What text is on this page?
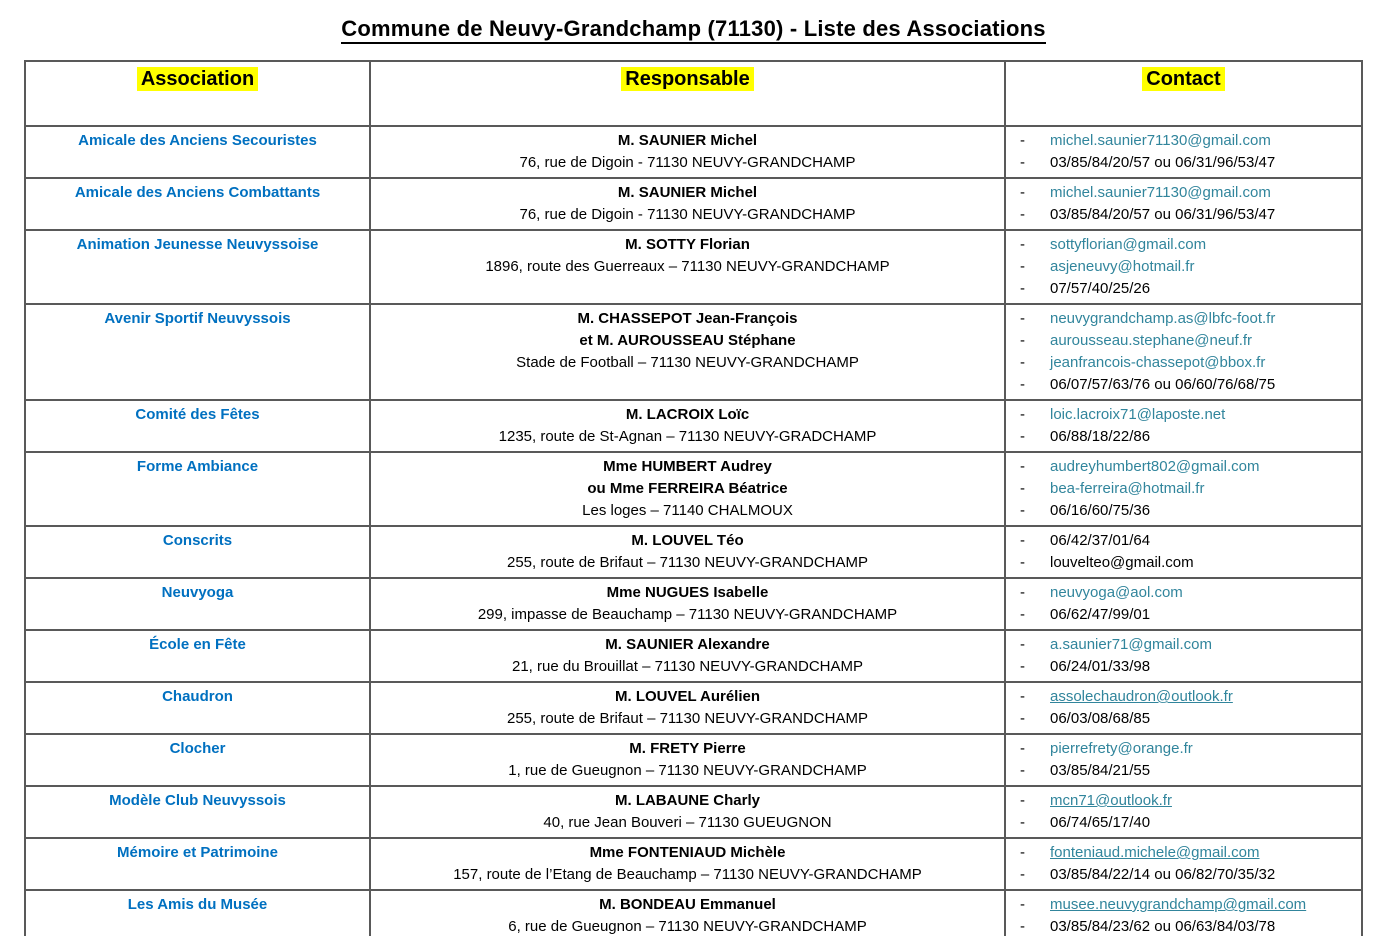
Commune de Neuvy-Grandchamp (71130) - Liste des Associations
Association	Responsable	Contact
Amicale des Anciens Secouristes	M. SAUNIER Michel
76, rue de Digoin - 71130 NEUVY-GRANDCHAMP

-	michel.saunier71130@gmail.com
-	03/85/84/20/57 ou 06/31/96/53/47

Amicale des Anciens Combattants	M. SAUNIER Michel
76, rue de Digoin - 71130 NEUVY-GRANDCHAMP

-	michel.saunier71130@gmail.com
-	03/85/84/20/57 ou 06/31/96/53/47

Animation Jeunesse Neuvyssoise	M. SOTTY Florian
1896, route des Guerreaux – 71130 NEUVY-GRANDCHAMP

-	sottyflorian@gmail.com
-	asjeneuvy@hotmail.fr
-	07/57/40/25/26

Avenir Sportif Neuvyssois	M. CHASSEPOT Jean-François
et M. AUROUSSEAU Stéphane
Stade de Football – 71130 NEUVY-GRANDCHAMP

-	neuvygrandchamp.as@lbfc-foot.fr
-	aurousseau.stephane@neuf.fr
-	jeanfrancois-chassepot@bbox.fr
-	06/07/57/63/76 ou 06/60/76/68/75

Comité des Fêtes	M. LACROIX Loïc
1235, route de St-Agnan – 71130 NEUVY-GRADCHAMP

-	loic.lacroix71@laposte.net
-	06/88/18/22/86

Forme Ambiance	Mme HUMBERT Audrey
ou Mme FERREIRA Béatrice
Les loges – 71140 CHALMOUX

-	audreyhumbert802@gmail.com
-	bea-ferreira@hotmail.fr
-	06/16/60/75/36

Conscrits	M. LOUVEL Téo
255, route de Brifaut – 71130 NEUVY-GRANDCHAMP

-	06/42/37/01/64
-	louvelteo@gmail.com

Neuvyoga	Mme NUGUES Isabelle
299, impasse de Beauchamp – 71130 NEUVY-GRANDCHAMP

-	neuvyoga@aol.com
-	06/62/47/99/01

École en Fête	M. SAUNIER Alexandre
21, rue du Brouillat – 71130 NEUVY-GRANDCHAMP

-	a.saunier71@gmail.com
-	06/24/01/33/98

Chaudron	M. LOUVEL Aurélien
255, route de Brifaut – 71130 NEUVY-GRANDCHAMP

-	assolechaudron@outlook.fr
-	06/03/08/68/85

Clocher	M. FRETY Pierre
1, rue de Gueugnon – 71130 NEUVY-GRANDCHAMP

-	pierrefrety@orange.fr
-	03/85/84/21/55

Modèle Club Neuvyssois	M. LABAUNE Charly
40, rue Jean Bouveri – 71130 GUEUGNON

-	mcn71@outlook.fr
-	06/74/65/17/40

Mémoire et Patrimoine	Mme FONTENIAUD Michèle
157, route de l’Etang de Beauchamp – 71130 NEUVY-GRANDCHAMP

-	fonteniaud.michele@gmail.com
-	03/85/84/22/14 ou 06/82/70/35/32

Les Amis du Musée	M. BONDEAU Emmanuel
6, rue de Gueugnon – 71130 NEUVY-GRANDCHAMP

-	musee.neuvygrandchamp@gmail.com
-	03/85/84/23/62 ou 06/63/84/03/78
